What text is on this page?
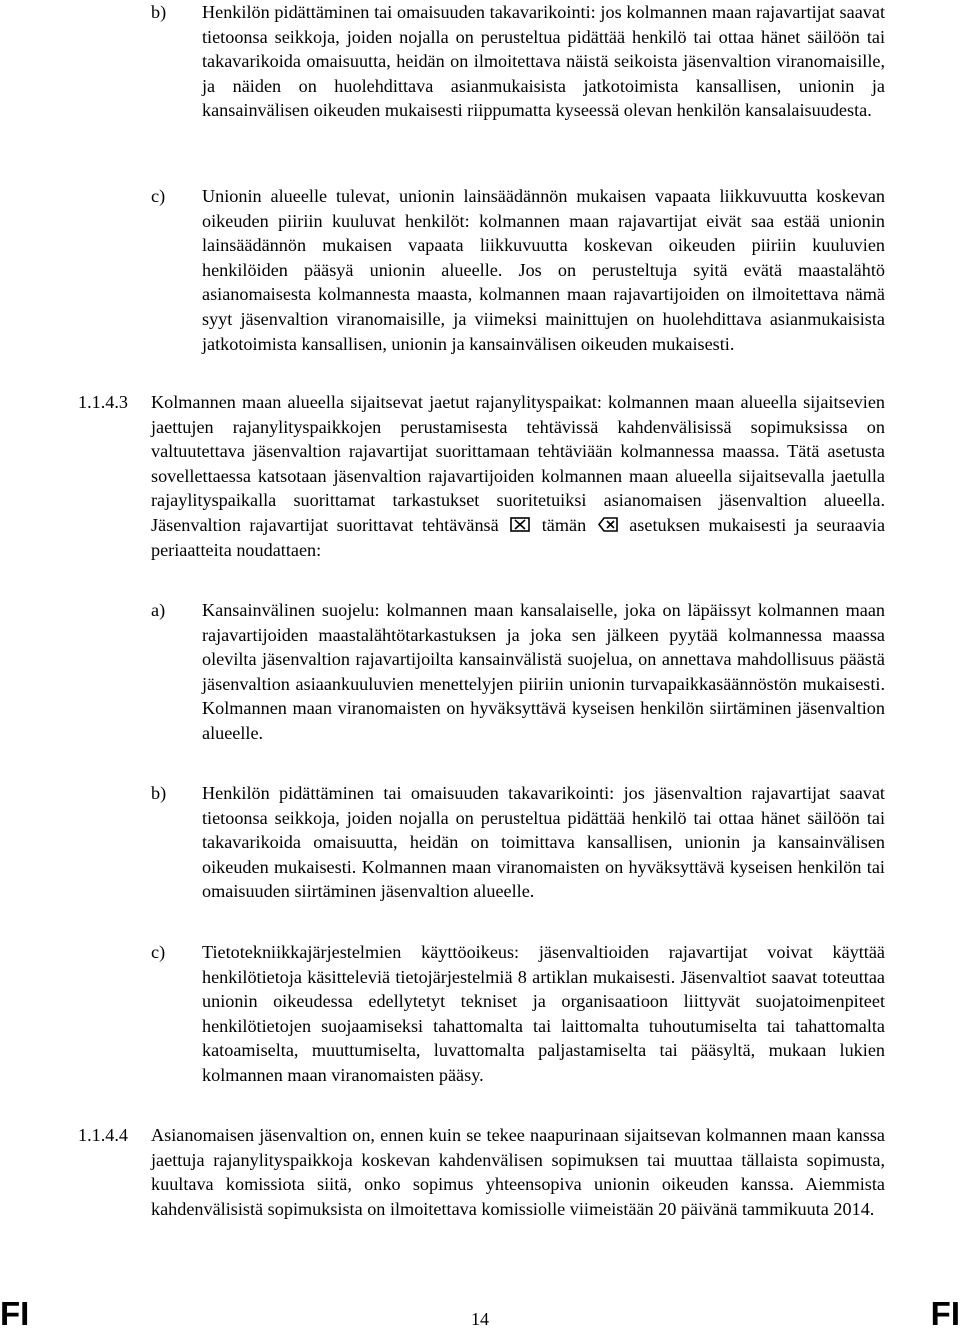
b) Henkilön pidättäminen tai omaisuuden takavarikointi: jos kolmannen maan rajavartijat saavat tietoonsa seikkoja, joiden nojalla on perusteltua pidättää henkilö tai ottaa hänet säilöön tai takavarikoida omaisuutta, heidän on ilmoitettava näistä seikoista jäsenvaltion viranomaisille, ja näiden on huolehdittava asianmukaisista jatkotoimista kansallisen, unionin ja kansainvälisen oikeuden mukaisesti riippumatta kyseessä olevan henkilön kansalaisuudesta.
c) Unionin alueelle tulevat, unionin lainsäädännön mukaisen vapaata liikkuvuutta koskevan oikeuden piiriin kuuluvat henkilöt: kolmannen maan rajavartijat eivät saa estää unionin lainsäädännön mukaisen vapaata liikkuvuutta koskevan oikeuden piiriin kuuluvien henkilöiden pääsyä unionin alueelle. Jos on perusteltuja syitä evätä maastalähtö asianomaisesta kolmannesta maasta, kolmannen maan rajavartijoiden on ilmoitettava nämä syyt jäsenvaltion viranomaisille, ja viimeksi mainittujen on huolehdittava asianmukaisista jatkotoimista kansallisen, unionin ja kansainvälisen oikeuden mukaisesti.
1.1.4.3 Kolmannen maan alueella sijaitsevat jaetut rajanylityspaikat: kolmannen maan alueella sijaitsevien jaettujen rajanylityspaikkojen perustamisesta tehtävissä kahdenvälisissä sopimuksissa on valtuutettava jäsenvaltion rajavartijat suorittamaan tehtäviään kolmannessa maassa. Tätä asetusta sovellettaessa katsotaan jäsenvaltion rajavartijoiden kolmannen maan alueella sijaitsevalla jaetulla rajaylityspaikalla suorittamat tarkastukset suoritetuiksi asianomaisen jäsenvaltion alueella. Jäsenvaltion rajavartijat suorittavat tehtävänsä tämän asetuksen mukaisesti ja seuraavia periaatteita noudattaen:
a) Kansainvälinen suojelu: kolmannen maan kansalaiselle, joka on läpäissyt kolmannen maan rajavartijoiden maastalähtötarkastuksen ja joka sen jälkeen pyytää kolmannessa maassa olevilta jäsenvaltion rajavartijoilta kansainvälistä suojelua, on annettava mahdollisuus päästä jäsenvaltion asiaankuuluvien menettelyjen piiriin unionin turvapaikkasäännöstön mukaisesti. Kolmannen maan viranomaisten on hyväksyttävä kyseisen henkilön siirtäminen jäsenvaltion alueelle.
b) Henkilön pidättäminen tai omaisuuden takavarikointi: jos jäsenvaltion rajavartijat saavat tietoonsa seikkoja, joiden nojalla on perusteltua pidättää henkilö tai ottaa hänet säilöön tai takavarikoida omaisuutta, heidän on toimittava kansallisen, unionin ja kansainvälisen oikeuden mukaisesti. Kolmannen maan viranomaisten on hyväksyttävä kyseisen henkilön tai omaisuuden siirtäminen jäsenvaltion alueelle.
c) Tietotekniikkajärjestelmien käyttöoikeus: jäsenvaltioiden rajavartijat voivat käyttää henkilötietoja käsitteleviä tietojärjestelmiä 8 artiklan mukaisesti. Jäsenvaltiot saavat toteuttaa unionin oikeudessa edellytetyt tekniset ja organisaatioon liittyvät suojatoimenpiteet henkilötietojen suojaamiseksi tahattomalta tai laittomalta tuhoutumiselta tai tahattomalta katoamiselta, muuttumiselta, luvattomalta paljastamiselta tai pääsyltä, mukaan lukien kolmannen maan viranomaisten pääsy.
1.1.4.4 Asianomaisen jäsenvaltion on, ennen kuin se tekee naapurinaan sijaitsevan kolmannen maan kanssa jaettuja rajanylityspaikkoja koskevan kahdenvälisen sopimuksen tai muuttaa tällaista sopimusta, kuultava komissiota siitä, onko sopimus yhteensopiva unionin oikeuden kanssa. Aiemmista kahdenvälisistä sopimuksista on ilmoitettava komissiolle viimeistään 20 päivänä tammikuuta 2014.
FI	14	FI
